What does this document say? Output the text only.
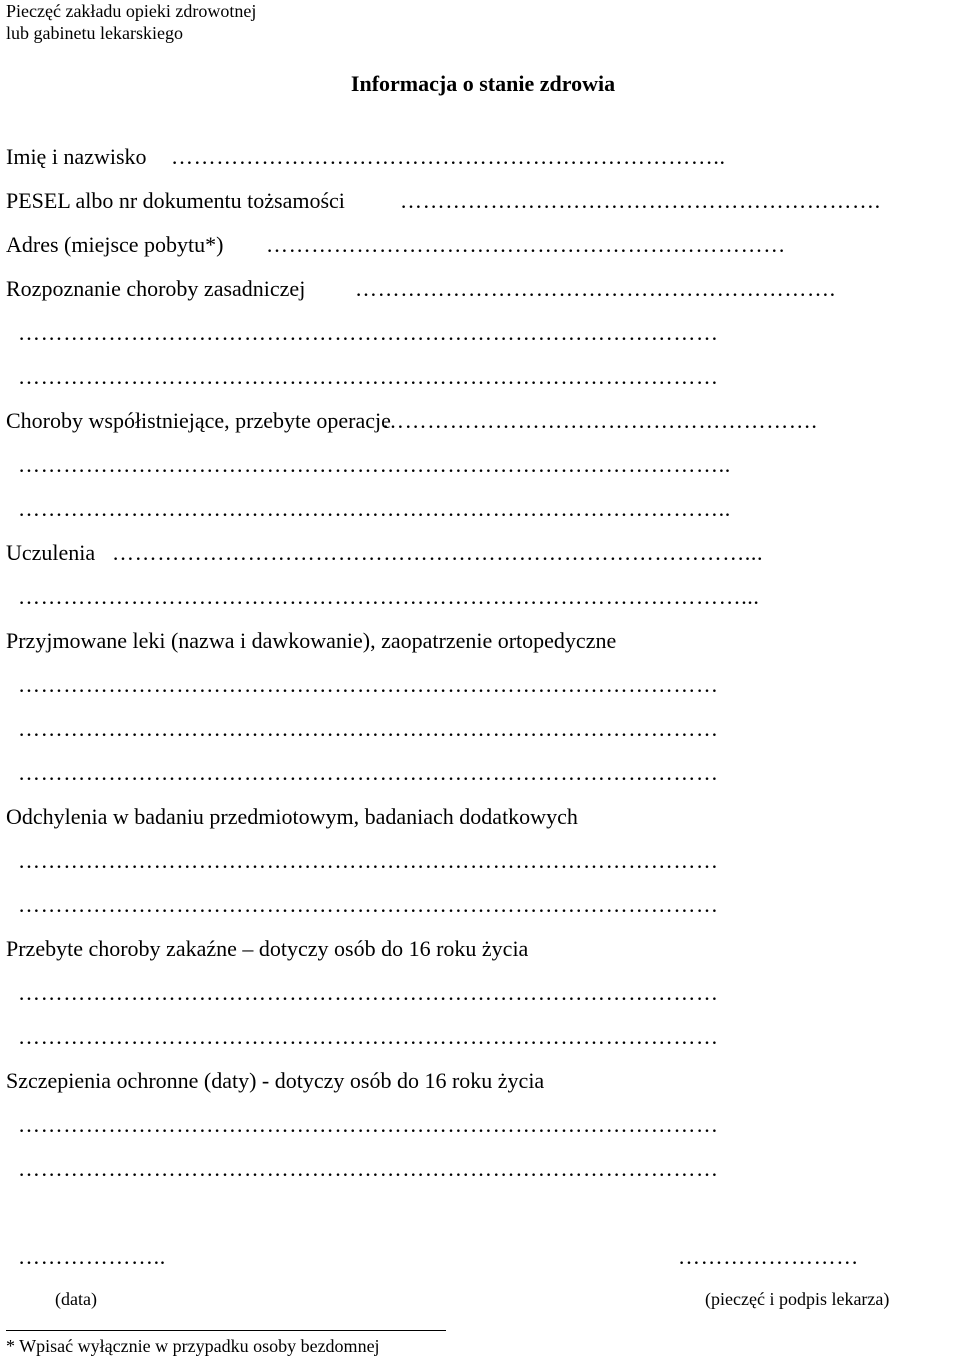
Pieczęć zakładu opieki zdrowotnej
lub gabinetu lekarskiego
Informacja o stanie zdrowia
Imię i nazwisko ………………………………………………………………..
PESEL albo nr dokumentu tożsamości	……………………………………………………….
Adres (miejsce pobytu*) ……………………………………………………………
Rozpoznanie choroby zasadniczej ……………………………………………………….
…………………………………………………………………………………
…………………………………………………………………………………
Choroby współistniejące, przebyte operacje
………………………………………………….
…………………………………………………………………………………..
…………………………………………………………………………………..
Uczulenia …………………………………………………………………………...
……………………………………………………………………………………...
Przyjmowane leki (nazwa i dawkowanie), zaopatrzenie ortopedyczne
…………………………………………………………………………………
…………………………………………………………………………………
…………………………………………………………………………………
Odchylenia w badaniu przedmiotowym, badaniach dodatkowych
…………………………………………………………………………………
…………………………………………………………………………………
Przebyte choroby zakaźne – dotyczy osób do 16 roku życia
…………………………………………………………………………………
…………………………………………………………………………………
Szczepienia ochronne (daty) - dotyczy osób do 16 roku życia
…………………………………………………………………………………
…………………………………………………………………………………
………………..	……………………
(data)	(pieczęć i podpis lekarza)
* Wpisać wyłącznie w przypadku osoby bezdomnej
